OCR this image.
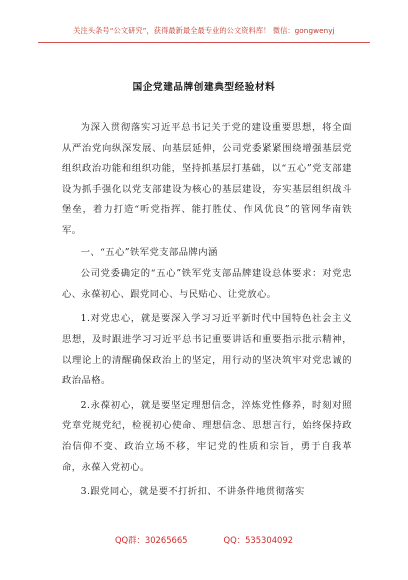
关注头条号“公文研究”，获得最新最全最专业的公文资料库！ 微信：gongwenyj
国企党建品牌创建典型经验材料

为深入贯彻落实习近平总书记关于党的建设重要思想，将全面从严治党向纵深发展、向基层延伸，公司党委紧紧围绕增强基层党组织政治功能和组织功能，坚持抓基层打基础，以“五心”党支部建设为抓手强化以党支部建设为核心的基层建设，夯实基层组织战斗堡垒，着力打造“听党指挥、能打胜仗、作风优良”的管网华南铁军。

一、“五心”铁军党支部品牌内涵

公司党委确定的“五心”铁军党支部品牌建设总体要求：对党忠心、永葆初心、跟党同心、与民贴心、让党放心。

1.对党忠心，就是要深入学习习近平新时代中国特色社会主义思想，及时跟进学习习近平总书记重要讲话和重要指示批示精神，以理论上的清醒确保政治上的坚定，用行动的坚决筑牢对党忠诚的政治品格。

2.永葆初心，就是要坚定理想信念，淬炼党性修养，时刻对照党章党规党纪，检视初心使命、理想信念、思想言行，始终保持政治信仰不变、政治立场不移，牢记党的性质和宗旨，勇于自我革命，永葆入党初心。

3.跟党同心，就是要不打折扣、不讲条件地贯彻落实

QQ群：30265665	QQ：535304092
